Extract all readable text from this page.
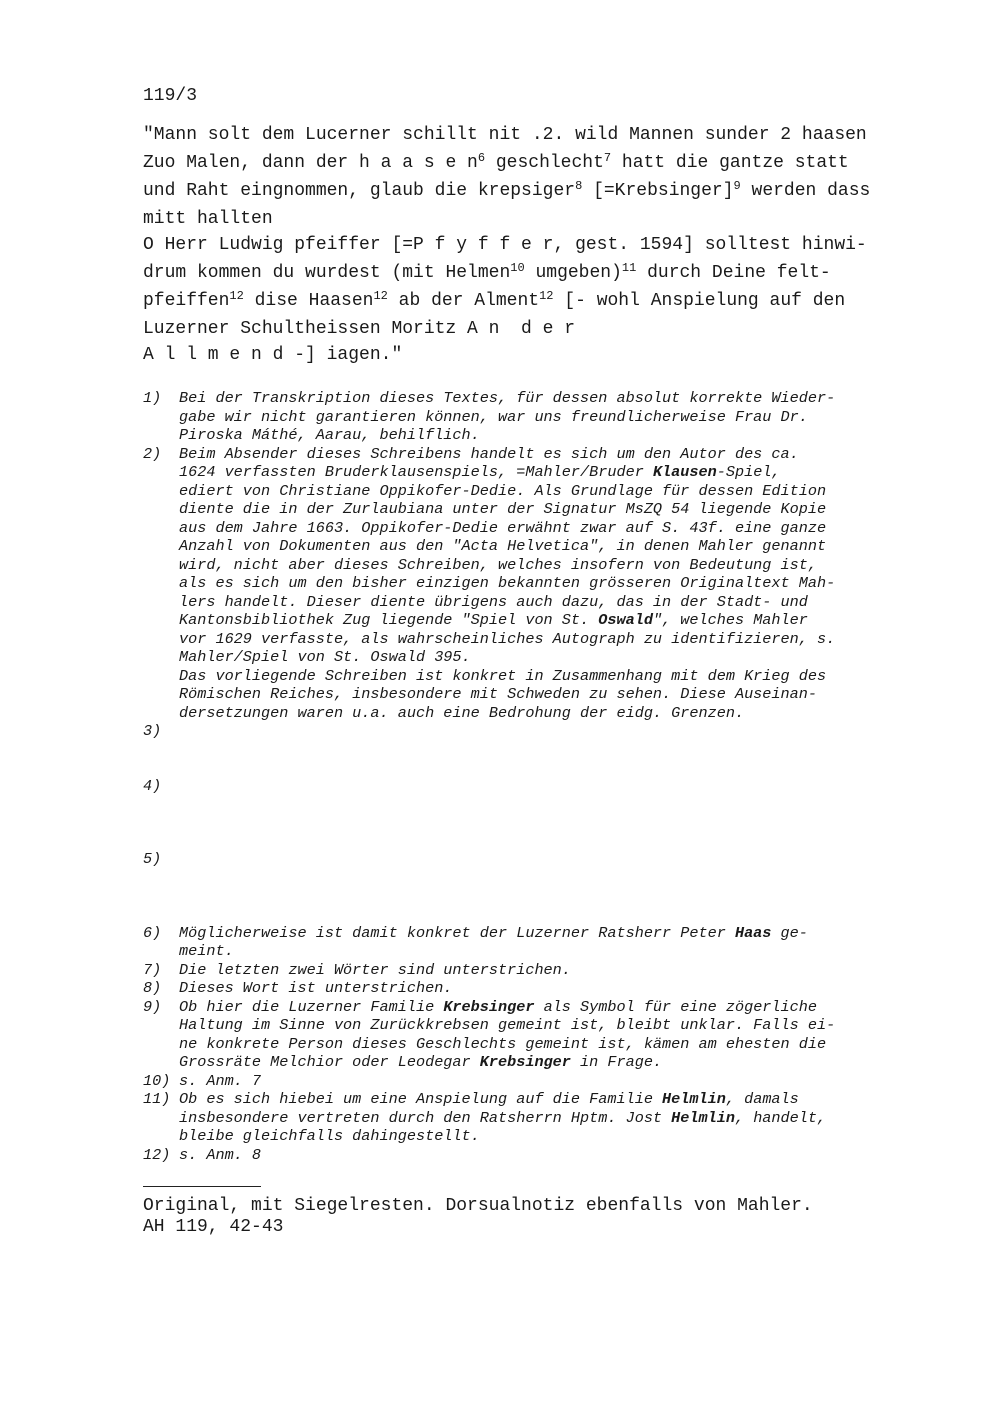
119/3
"Mann solt dem Lucerner schillt nit .2. wild Mannen sunder 2 haasen
Zuo Malen, dann der h a a s e $n^6$ geschlecht$^7$ hatt die gantze statt
und Raht eingnommen, glaub die krepsiger$^8$ [=Krebsinger]$^9$ werden dass
mitt hallten
O Herr Ludwig pfeiffer [=P f y f f e r, gest. 1594] solltest hinwi-
drum kommen du wurdest (mit Helmen$^{10}$ umgeben)$^{11}$ durch Deine felt-
pfeiffen$^{12}$ dise Haasen$^{12}$ ab der Alment$^{12}$ [- wohl Anspielung auf den
Luzerner Schultheissen Moritz A n  d e r
A l l m e n d -] iagen."
1)	Bei der Transkription dieses Textes, für dessen absolut korrekte Wieder-
gabe wir nicht garantieren können, war uns freundlicherweise Frau Dr.
Piroska Máthé, Aarau, behilflich.
2)	Beim Absender dieses Schreibens handelt es sich um den Autor des ca.
1624 verfassten Bruderklausenspiels, =Mahler/Bruder Klausen-Spiel,
ediert von Christiane Oppikofer-Dedie. Als Grundlage für dessen Edition
diente die in der Zurlaubiana unter der Signatur MsZQ 54 liegende Kopie
aus dem Jahre 1663. Oppikofer-Dedie erwähnt zwar auf S. 43f. eine ganze
Anzahl von Dokumenten aus den "Acta Helvetica", in denen Mahler genannt
wird, nicht aber dieses Schreiben, welches insofern von Bedeutung ist,
als es sich um den bisher einzigen bekannten grösseren Originaltext Mah-
lers handelt. Dieser diente übrigens auch dazu, das in der Stadt- und
Kantonsbibliothek Zug liegende "Spiel von St. Oswald", welches Mahler
vor 1629 verfasste, als wahrscheinliches Autograph zu identifizieren, s.
Mahler/Spiel von St. Oswald 395.
Das vorliegende Schreiben ist konkret in Zusammenhang mit dem Krieg des
Römischen Reiches, insbesondere mit Schweden zu sehen. Diese Auseinan-
dersetzungen waren u.a. auch eine Bedrohung der eidg. Grenzen.
3)
4)
5)
6)	Möglicherweise ist damit konkret der Luzerner Ratsherr Peter Haas ge-
meint.
7)	Die letzten zwei Wörter sind unterstrichen.
8)	Dieses Wort ist unterstrichen.
9)	Ob hier die Luzerner Familie Krebsinger als Symbol für eine zögerliche
Haltung im Sinne von Zurückkrebsen gemeint ist, bleibt unklar. Falls ei-
ne konkrete Person dieses Geschlechts gemeint ist, kämen am ehesten die
Grossräte Melchior oder Leodegar Krebsinger in Frage.
10) s. Anm. 7
11) Ob es sich hiebei um eine Anspielung auf die Familie Helmlin, damals
insbesondere vertreten durch den Ratsherrn Hptm. Jost Helmlin, handelt,
bleibe gleichfalls dahingestellt.
12) s. Anm. 8
Original, mit Siegelresten. Dorsualnotiz ebenfalls von Mahler.
AH 119, 42-43
